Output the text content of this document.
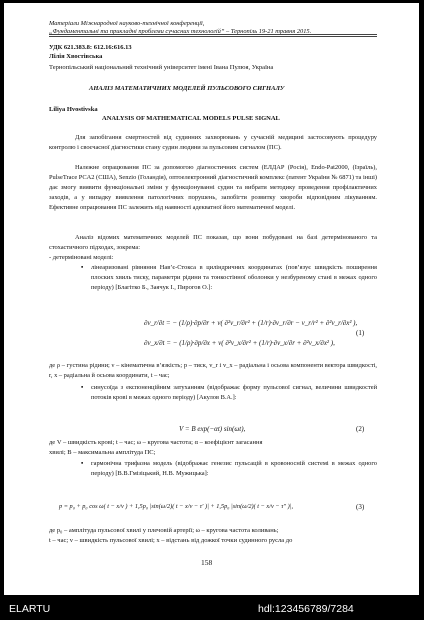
Матеріали Міжнародної науково-технічної конференції,
„Фундаментальні та прикладні проблеми сучасних технологій” – Тернопіль 19-21 травня 2015.
УДК 621.383.8: 612.16:616.13
Лілія Хвостівська
Тернопільський національний технічний університет імені Івана Пулюя, Україна
АНАЛІЗ МАТЕМАТИЧНИХ МОДЕЛЕЙ ПУЛЬСОВОГО СИГНАЛУ
Liliya Hvostivska
ANALYSIS OF MATHEMATICAL MODELS PULSE SIGNAL
Для запобігання смертностей від судинних захворювань у сучасній медицині застосовують процедуру контролю і своєчасної діагностики стану судин людини за пульсовим сигналом (ПС).
Належне опрацювання ПС за допомогою діагностичних систем (ЕЛДАР (Росія), Endo-Pat2000, (Ізраїль), PulseTrace PCA2 (США), Senzio (Голандія), оптоелектронний діагностичний комплекс (патент України № 6871) та інші) дає змогу виявити функціональні зміни у функціонуванні судин та вибрати методику проведення профілактичних заходів, а у випадку виявлення патологічних порушень, запобігти розвитку хвороби відповідним лікуванням. Ефективне опрацювання ПС залежить від наявності адекватної його математичної моделі.
Аналіз відомих математичних моделей ПС показав, що вони побудовані на базі детермінованого та стохастичного підходах, зокрема:
- детерміновані моделі:
▪ лінеаризовані рівняння Нав’є-Стокса в циліндричних координатах (пов’язує швидкість поширення плоских хвиль тиску, параметри рідини та тонкостінної оболонки у незбуреному стані в межах одного періоду) [Благітко Б., Заячук І., Пирогов О.]:
∂v_r/∂t = − (1/ρ)·∂p/∂r + ν( ∂²v_r/∂r² + (1/r)·∂v_r/∂r − v_r/r² + ∂²v_r/∂x² ),
∂v_x/∂t = − (1/ρ)·∂p/∂x + ν( ∂²v_x/∂r² + (1/r)·∂v_x/∂r + ∂²v_x/∂x² ),
(1)
де ρ – густина рідини; ν – кінематична в’язкість; p – тиск, v_r і v_x – радіальна і осьова компоненти вектора швидкості, r, x – радіальна й осьова координати, t – час;
▪ синусоїда з експоненційним затуханням (відображає форму пульсової сигнал, величини швидкостей потоків крові в межах одного періоду) [Акулов В.А.]:
V = B exp(−αt) sin(ωt),	(2)
де V – швидкість крові; t – час; ω – кругова частота; α – коефіцієнт загасання
хвилі; B – максимальна амплітуда ПС;
▪ гармонічна трифазна модель (відображає генезис пульсацій в кровоносній системі в межах одного періоду) [В.В.Гмізіцький, Н.В. Мужицька]:
p = p₀ + p₀ cos ω( t − x/v ) + 1,5p₀ |sin(ω/2)( t − x/v − τ′ )| + 1,5p₀ |sin(ω/2)( t − x/v − τ″ )|,	(3)
де p₀ – амплітуда пульсової хвилі у плечовій артерії; ω – кругова частота коливань;
t – час; v – швидкість пульсової хвилі; x – відстань від дожкої точки судинного русла до
158
ELARTU	hdl:123456789/7284
